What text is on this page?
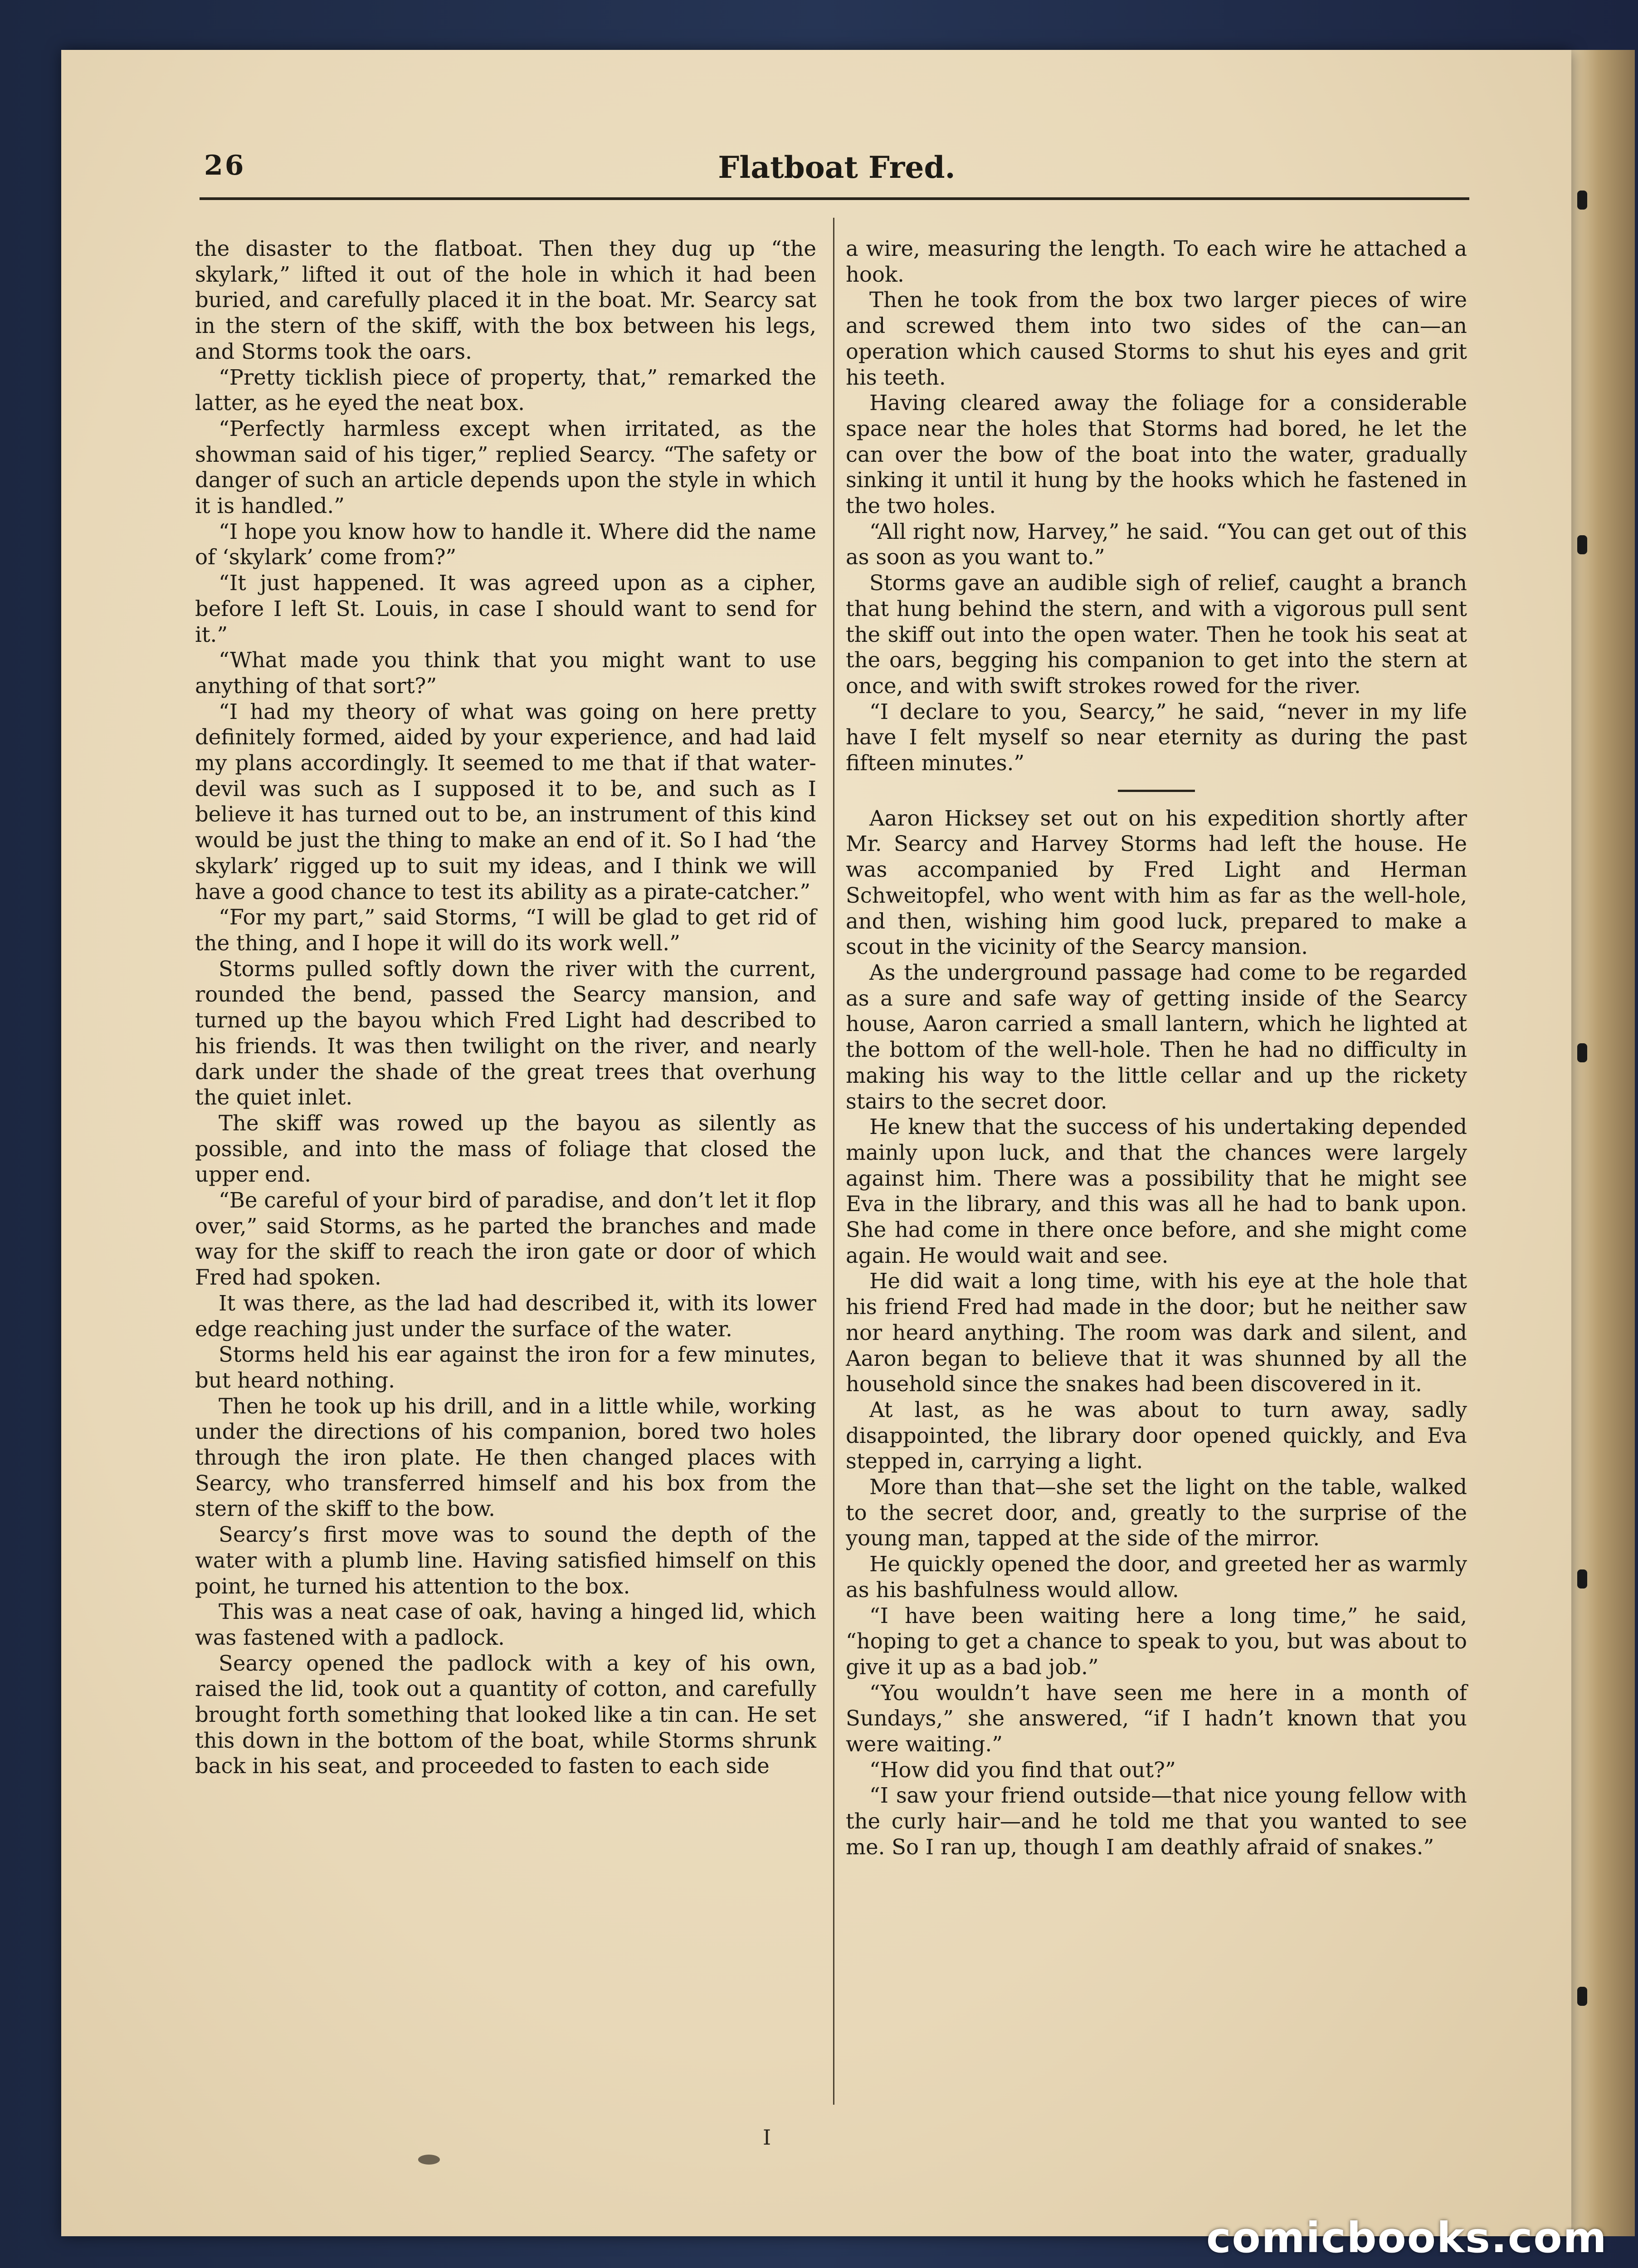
26	Flatboat Fred.

the disaster to the flatboat. Then they dug up “the skylark,” lifted it out of the hole in which it had been buried, and carefully placed it in the boat. Mr. Searcy sat in the stern of the skiff, with the box between his legs, and Storms took the oars.

“Pretty ticklish piece of property, that,” remarked the latter, as he eyed the neat box.

“Perfectly harmless except when irritated, as the showman said of his tiger,” replied Searcy. “The safety or danger of such an article depends upon the style in which it is handled.”

“I hope you know how to handle it. Where did the name of ‘skylark’ come from?”

“It just happened. It was agreed upon as a cipher, before I left St. Louis, in case I should want to send for it.”

“What made you think that you might want to use anything of that sort?”

“I had my theory of what was going on here pretty definitely formed, aided by your experience, and had laid my plans accordingly. It seemed to me that if that water-devil was such as I supposed it to be, and such as I believe it has turned out to be, an instrument of this kind would be just the thing to make an end of it. So I had ‘the skylark’ rigged up to suit my ideas, and I think we will have a good chance to test its ability as a pirate-catcher.”

“For my part,” said Storms, “I will be glad to get rid of the thing, and I hope it will do its work well.”

Storms pulled softly down the river with the current, rounded the bend, passed the Searcy mansion, and turned up the bayou which Fred Light had described to his friends. It was then twilight on the river, and nearly dark under the shade of the great trees that overhung the quiet inlet.

The skiff was rowed up the bayou as silently as possible, and into the mass of foliage that closed the upper end.

“Be careful of your bird of paradise, and don’t let it flop over,” said Storms, as he parted the branches and made way for the skiff to reach the iron gate or door of which Fred had spoken.

It was there, as the lad had described it, with its lower edge reaching just under the surface of the water.

Storms held his ear against the iron for a few minutes, but heard nothing.

Then he took up his drill, and in a little while, working under the directions of his companion, bored two holes through the iron plate. He then changed places with Searcy, who transferred himself and his box from the stern of the skiff to the bow.

Searcy’s first move was to sound the depth of the water with a plumb line. Having satisfied himself on this point, he turned his attention to the box.

This was a neat case of oak, having a hinged lid, which was fastened with a padlock.

Searcy opened the padlock with a key of his own, raised the lid, took out a quantity of cotton, and carefully brought forth something that looked like a tin can. He set this down in the bottom of the boat, while Storms shrunk back in his seat, and proceeded to fasten to each side

a wire, measuring the length. To each wire he attached a hook.

Then he took from the box two larger pieces of wire and screwed them into two sides of the can—an operation which caused Storms to shut his eyes and grit his teeth.

Having cleared away the foliage for a considerable space near the holes that Storms had bored, he let the can over the bow of the boat into the water, gradually sinking it until it hung by the hooks which he fastened in the two holes.

“All right now, Harvey,” he said. “You can get out of this as soon as you want to.”

Storms gave an audible sigh of relief, caught a branch that hung behind the stern, and with a vigorous pull sent the skiff out into the open water. Then he took his seat at the oars, begging his companion to get into the stern at once, and with swift strokes rowed for the river.

“I declare to you, Searcy,” he said, “never in my life have I felt myself so near eternity as during the past fifteen minutes.”

Aaron Hicksey set out on his expedition shortly after Mr. Searcy and Harvey Storms had left the house. He was accompanied by Fred Light and Herman Schweitopfel, who went with him as far as the well-hole, and then, wishing him good luck, prepared to make a scout in the vicinity of the Searcy mansion.

As the underground passage had come to be regarded as a sure and safe way of getting inside of the Searcy house, Aaron carried a small lantern, which he lighted at the bottom of the well-hole. Then he had no difficulty in making his way to the little cellar and up the rickety stairs to the secret door.

He knew that the success of his undertaking depended mainly upon luck, and that the chances were largely against him. There was a possibility that he might see Eva in the library, and this was all he had to bank upon. She had come in there once before, and she might come again. He would wait and see.

He did wait a long time, with his eye at the hole that his friend Fred had made in the door; but he neither saw nor heard anything. The room was dark and silent, and Aaron began to believe that it was shunned by all the household since the snakes had been discovered in it.

At last, as he was about to turn away, sadly disappointed, the library door opened quickly, and Eva stepped in, carrying a light.

More than that—she set the light on the table, walked to the secret door, and, greatly to the surprise of the young man, tapped at the side of the mirror.

He quickly opened the door, and greeted her as warmly as his bashfulness would allow.

“I have been waiting here a long time,” he said, “hoping to get a chance to speak to you, but was about to give it up as a bad job.”

“You wouldn’t have seen me here in a month of Sundays,” she answered, “if I hadn’t known that you were waiting.”

“How did you find that out?”

“I saw your friend outside—that nice young fellow with the curly hair—and he told me that you wanted to see me. So I ran up, though I am deathly afraid of snakes.”

I
comicbooks.com
